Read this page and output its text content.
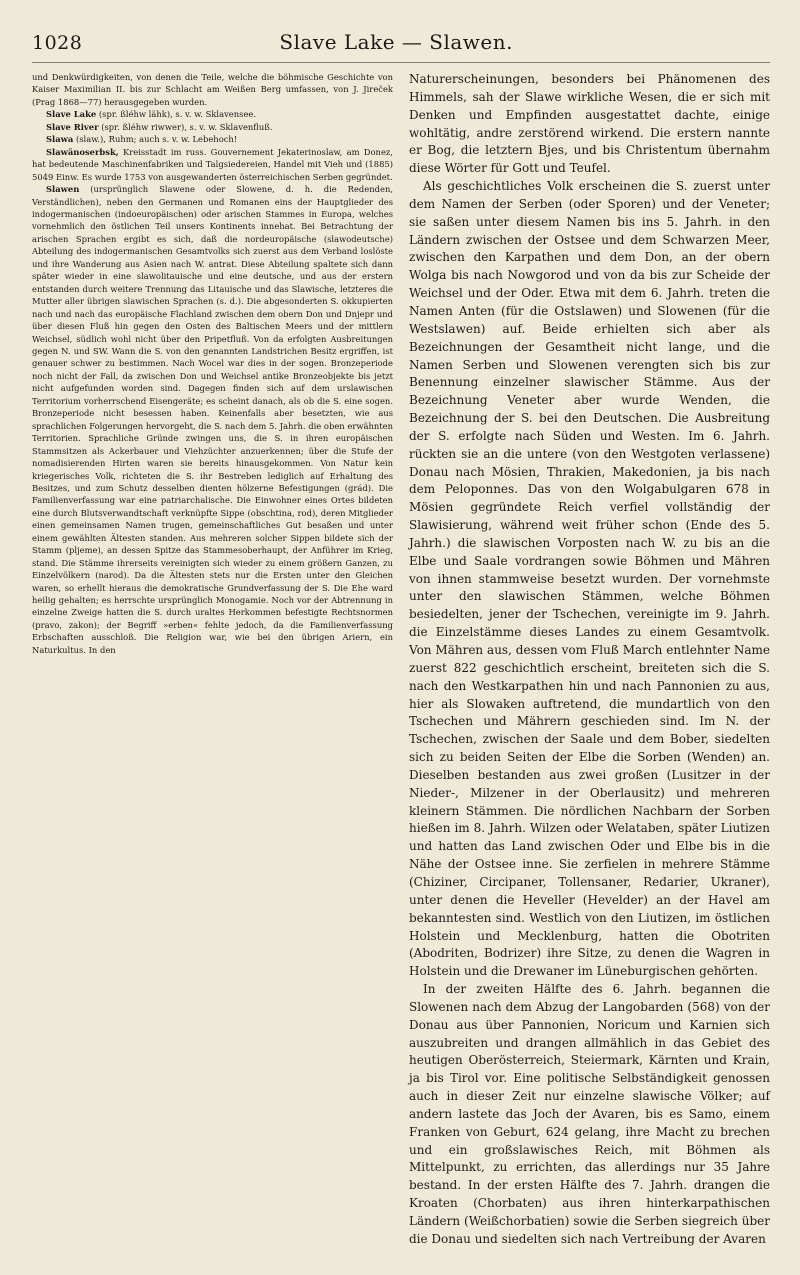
1028	Slave Lake — Slawen.

und Denkwürdigkeiten, von denen die Teile, welche die böhmische Geschichte von Kaiser Maximilian II. bis zur Schlacht am Weißen Berg umfassen, von J. Jireček (Prag 1868—77) herausgegeben wurden.

Slave Lake (spr. ßléhw lähk), s. v. w. Sklavensee.

Slave River (spr. ßléhw riwwer), s. v. w. Sklavenfluß.

Slawa (slaw.), Ruhm; auch s. v. w. Lebehoch!

Slawänoserbsk, Kreisstadt im russ. Gouvernement Jekaterinoslaw, am Donez, hat bedeutende Maschinenfabriken und Talgsiedereien, Handel mit Vieh und (1885) 5049 Einw. Es wurde 1753 von ausgewanderten österreichischen Serben gegründet.

Slawen (ursprünglich Slawene oder Slowene, d. h. die Redenden, Verständlichen), neben den Germanen und Romanen eins der Hauptglieder des indogermanischen (indoeuropäischen) oder arischen Stammes in Europa, welches vornehmlich den östlichen Teil unsers Kontinents innehat. Bei Betrachtung der arischen Sprachen ergibt es sich, daß die nordeuropäische (slawodeutsche) Abteilung des indogermanischen Gesamtvolks sich zuerst aus dem Verband loslöste und ihre Wanderung aus Asien nach W. antrat. Diese Abteilung spaltete sich dann später wieder in eine slawolitauische und eine deutsche, und aus der erstern entstanden durch weitere Trennung das Litauische und das Slawische, letzteres die Mutter aller übrigen slawischen Sprachen (s. d.). Die abgesonderten S. okkupierten nach und nach das europäische Flachland zwischen dem obern Don und Dnjepr und über diesen Fluß hin gegen den Osten des Baltischen Meers und der mittlern Weichsel, südlich wohl nicht über den Pripetfluß. Von da erfolgten Ausbreitungen gegen N. und SW. Wann die S. von den genannten Landstrichen Besitz ergriffen, ist genauer schwer zu bestimmen. Nach Wocel war dies in der sogen. Bronzeperiode noch nicht der Fall, da zwischen Don und Weichsel antike Bronzeobjekte bis jetzt nicht aufgefunden worden sind. Dagegen finden sich auf dem urslawischen Territorium vorherrschend Eisengeräte; es scheint danach, als ob die S. eine sogen. Bronzeperiode nicht besessen haben. Keinenfalls aber besetzten, wie aus sprachlichen Folgerungen hervorgeht, die S. nach dem 5. Jahrh. die oben erwähnten Territorien. Sprachliche Gründe zwingen uns, die S. in ihren europäischen Stammsitzen als Ackerbauer und Viehzüchter anzuerkennen; über die Stufe der nomadisierenden Hirten waren sie bereits hinausgekommen. Von Natur kein kriegerisches Volk, richteten die S. ihr Bestreben lediglich auf Erhaltung des Besitzes, und zum Schutz desselben dienten hölzerne Befestigungen (grád). Die Familienverfassung war eine patriarchalische. Die Einwohner eines Ortes bildeten eine durch Blutsverwandtschaft verknüpfte Sippe (obschtina, rod), deren Mitglieder einen gemeinsamen Namen trugen, gemeinschaftliches Gut besaßen und unter einem gewählten Ältesten standen. Aus mehreren solcher Sippen bildete sich der Stamm (pljeme), an dessen Spitze das Stammesoberhaupt, der Anführer im Krieg, stand. Die Stämme ihrerseits vereinigten sich wieder zu einem größern Ganzen, zu Einzelvölkern (narod). Da die Ältesten stets nur die Ersten unter den Gleichen waren, so erhellt hieraus die demokratische Grundverfassung der S. Die Ehe ward heilig gehalten; es herrschte ursprünglich Monogamie. Noch vor der Abtrennung in einzelne Zweige hatten die S. durch uraltes Herkommen befestigte Rechtsnormen (pravo, zakon); der Begriff »erben« fehlte jedoch, da die Familienverfassung Erbschaften ausschloß. Die Religion war, wie bei den übrigen Ariern, ein Naturkultus. In den

Naturerscheinungen, besonders bei Phänomenen des Himmels, sah der Slawe wirkliche Wesen, die er sich mit Denken und Empfinden ausgestattet dachte, einige wohltätig, andre zerstörend wirkend. Die erstern nannte er Bog, die letztern Bjes, und bis Christentum übernahm diese Wörter für Gott und Teufel.

Als geschichtliches Volk erscheinen die S. zuerst unter dem Namen der Serben (oder Sporen) und der Veneter; sie saßen unter diesem Namen bis ins 5. Jahrh. in den Ländern zwischen der Ostsee und dem Schwarzen Meer, zwischen den Karpathen und dem Don, an der obern Wolga bis nach Nowgorod und von da bis zur Scheide der Weichsel und der Oder. Etwa mit dem 6. Jahrh. treten die Namen Anten (für die Ostslawen) und Slowenen (für die Westslawen) auf. Beide erhielten sich aber als Bezeichnungen der Gesamtheit nicht lange, und die Namen Serben und Slowenen verengten sich bis zur Benennung einzelner slawischer Stämme. Aus der Bezeichnung Veneter aber wurde Wenden, die Bezeichnung der S. bei den Deutschen. Die Ausbreitung der S. erfolgte nach Süden und Westen. Im 6. Jahrh. rückten sie an die untere (von den Westgoten verlassene) Donau nach Mösien, Thrakien, Makedonien, ja bis nach dem Peloponnes. Das von den Wolgabulgaren 678 in Mösien gegründete Reich verfiel vollständig der Slawisierung, während weit früher schon (Ende des 5. Jahrh.) die slawischen Vorposten nach W. zu bis an die Elbe und Saale vordrangen sowie Böhmen und Mähren von ihnen stammweise besetzt wurden. Der vornehmste unter den slawischen Stämmen, welche Böhmen besiedelten, jener der Tschechen, vereinigte im 9. Jahrh. die Einzelstämme dieses Landes zu einem Gesamtvolk. Von Mähren aus, dessen vom Fluß March entlehnter Name zuerst 822 geschichtlich erscheint, breiteten sich die S. nach den Westkarpathen hin und nach Pannonien zu aus, hier als Slowaken auftretend, die mundartlich von den Tschechen und Mährern geschieden sind. Im N. der Tschechen, zwischen der Saale und dem Bober, siedelten sich zu beiden Seiten der Elbe die Sorben (Wenden) an. Dieselben bestanden aus zwei großen (Lusitzer in der Nieder-, Milzener in der Oberlausitz) und mehreren kleinern Stämmen. Die nördlichen Nachbarn der Sorben hießen im 8. Jahrh. Wilzen oder Welataben, später Liutizen und hatten das Land zwischen Oder und Elbe bis in die Nähe der Ostsee inne. Sie zerfielen in mehrere Stämme (Chiziner, Circipaner, Tollensaner, Redarier, Ukraner), unter denen die Heveller (Hevelder) an der Havel am bekanntesten sind. Westlich von den Liutizen, im östlichen Holstein und Mecklenburg, hatten die Obotriten (Abodriten, Bodrizer) ihre Sitze, zu denen die Wagren in Holstein und die Drewaner im Lüneburgischen gehörten.

In der zweiten Hälfte des 6. Jahrh. begannen die Slowenen nach dem Abzug der Langobarden (568) von der Donau aus über Pannonien, Noricum und Karnien sich auszubreiten und drangen allmählich in das Gebiet des heutigen Oberösterreich, Steiermark, Kärnten und Krain, ja bis Tirol vor. Eine politische Selbständigkeit genossen auch in dieser Zeit nur einzelne slawische Völker; auf andern lastete das Joch der Avaren, bis es Samo, einem Franken von Geburt, 624 gelang, ihre Macht zu brechen und ein großslawisches Reich, mit Böhmen als Mittelpunkt, zu errichten, das allerdings nur 35 Jahre bestand. In der ersten Hälfte des 7. Jahrh. drangen die Kroaten (Chorbaten) aus ihren hinterkarpathischen Ländern (Weißchorbatien) sowie die Serben siegreich über die Donau und siedelten sich nach Vertreibung der Avaren
